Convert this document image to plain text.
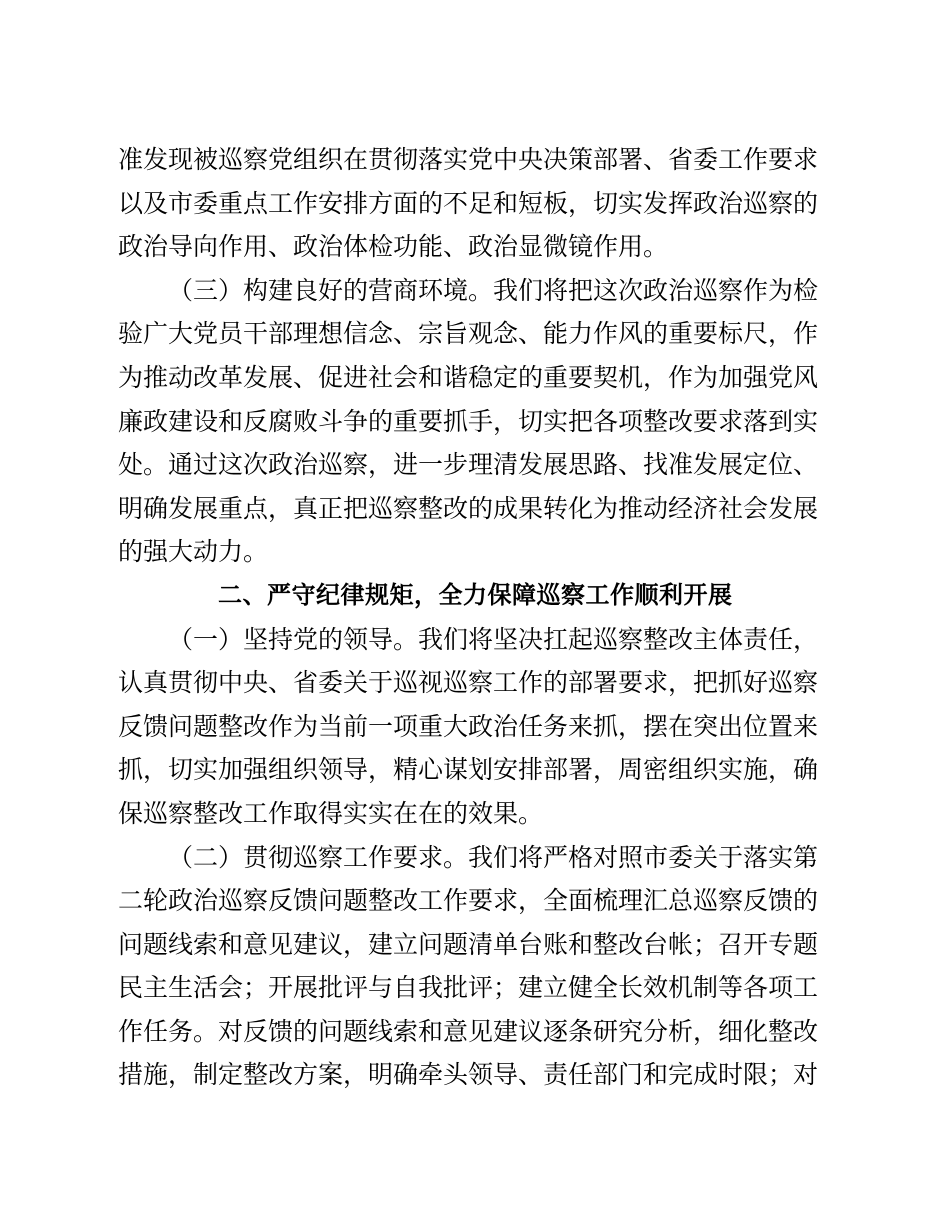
准发现被巡察党组织在贯彻落实党中央决策部署、省委工作要求
以及市委重点工作安排方面的不足和短板，切实发挥政治巡察的
政治导向作用、政治体检功能、政治显微镜作用。
（三）构建良好的营商环境。我们将把这次政治巡察作为检
验广大党员干部理想信念、宗旨观念、能力作风的重要标尺，作
为推动改革发展、促进社会和谐稳定的重要契机，作为加强党风
廉政建设和反腐败斗争的重要抓手，切实把各项整改要求落到实
处。通过这次政治巡察，进一步理清发展思路、找准发展定位、
明确发展重点，真正把巡察整改的成果转化为推动经济社会发展
的强大动力。
二、严守纪律规矩，全力保障巡察工作顺利开展
（一）坚持党的领导。我们将坚决扛起巡察整改主体责任，
认真贯彻中央、省委关于巡视巡察工作的部署要求，把抓好巡察
反馈问题整改作为当前一项重大政治任务来抓，摆在突出位置来
抓，切实加强组织领导，精心谋划安排部署，周密组织实施，确
保巡察整改工作取得实实在在的效果。
（二）贯彻巡察工作要求。我们将严格对照市委关于落实第
二轮政治巡察反馈问题整改工作要求，全面梳理汇总巡察反馈的
问题线索和意见建议，建立问题清单台账和整改台帐；召开专题
民主生活会；开展批评与自我批评；建立健全长效机制等各项工
作任务。对反馈的问题线索和意见建议逐条研究分析，细化整改
措施，制定整改方案，明确牵头领导、责任部门和完成时限；对
